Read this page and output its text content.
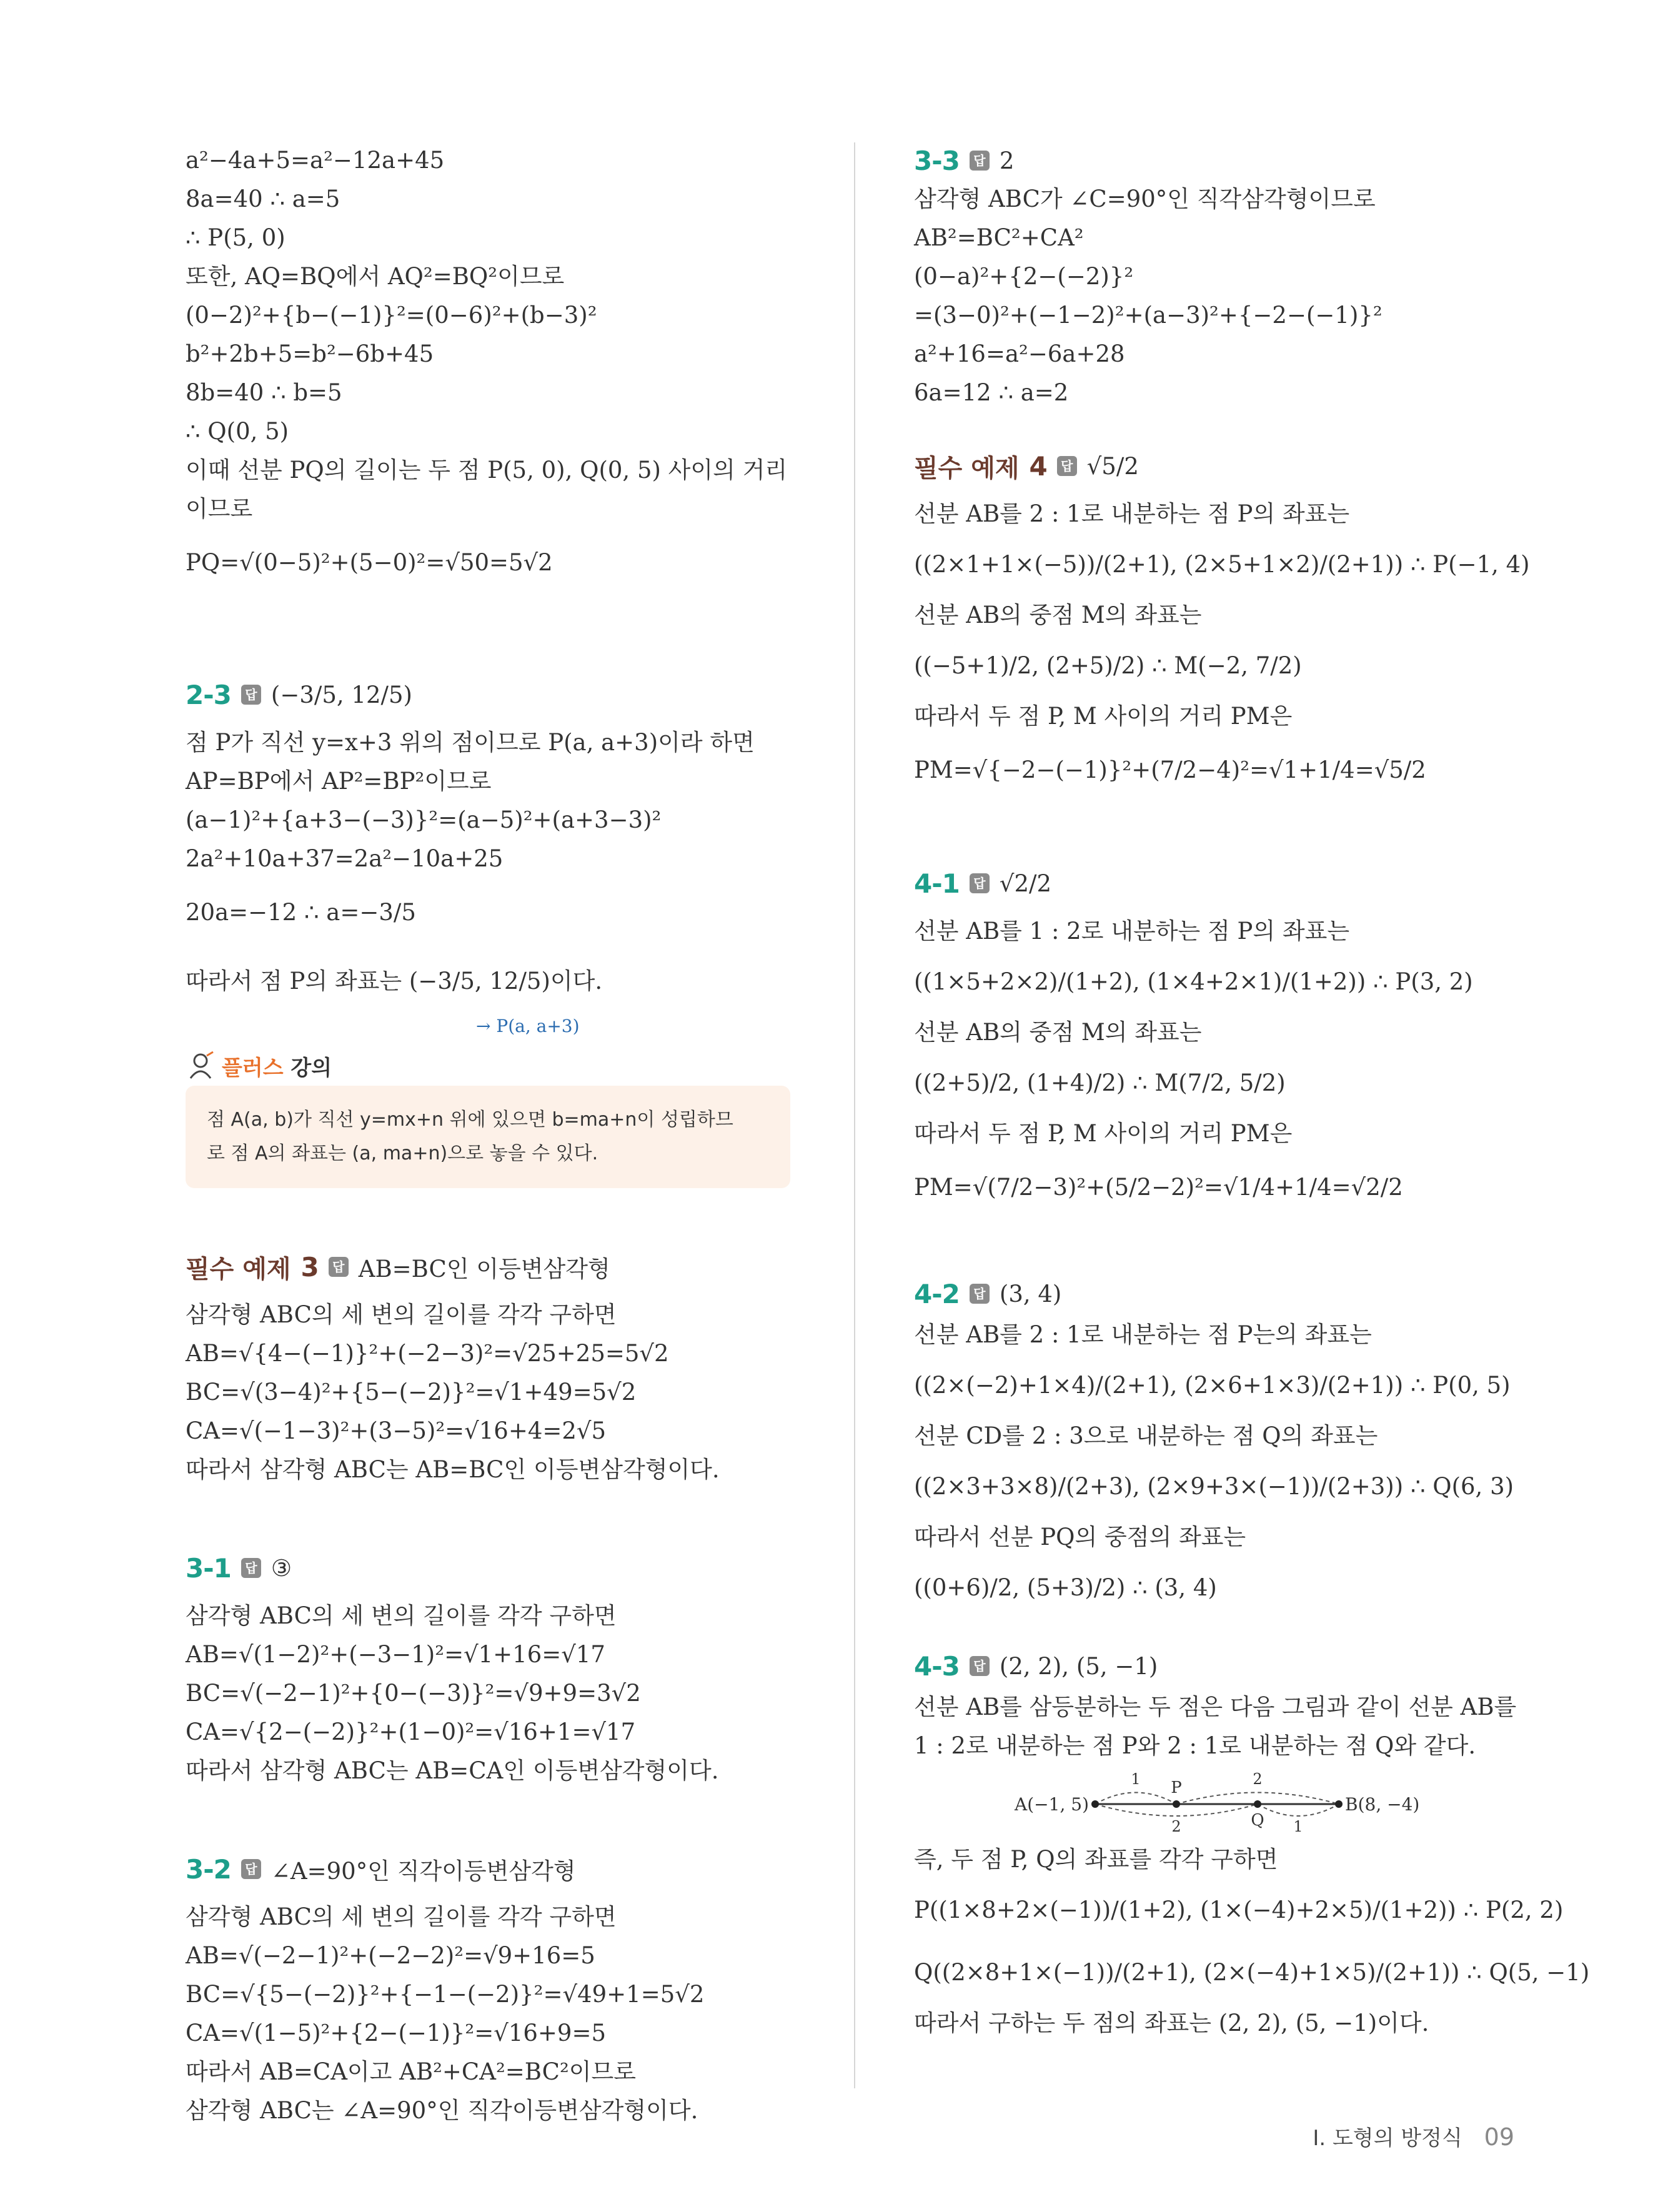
a²−4a+5=a²−12a+45
8a=40 ∴ a=5
∴ P(5, 0)
또한, AQ=BQ에서 AQ²=BQ²이므로
(0−2)²+{b−(−1)}²=(0−6)²+(b−3)²
b²+2b+5=b²−6b+45
8b=40 ∴ b=5
∴ Q(0, 5)
이때 선분 PQ의 길이는 두 점 P(5, 0), Q(0, 5) 사이의 거리
이므로
PQ=√(0−5)²+(5−0)²=√50=5√2
2-3	답 (−3/5, 12/5)
점 P가 직선 y=x+3 위의 점이므로 P(a, a+3)이라 하면
AP=BP에서 AP²=BP²이므로
(a−1)²+{a+3−(−3)}²=(a−5)²+(a+3−3)²
2a²+10a+37=2a²−10a+25
20a=−12 ∴ a=−3/5
따라서 점 P의 좌표는 (−3/5, 12/5)이다.
→ P(a, a+3)
플러스 강의
점 A(a, b)가 직선 y=mx+n 위에 있으면 b=ma+n이 성립하므
로 점 A의 좌표는 (a, ma+n)으로 놓을 수 있다.
필수 예제 3	답 AB=BC인 이등변삼각형
삼각형 ABC의 세 변의 길이를 각각 구하면
AB=√{4−(−1)}²+(−2−3)²=√25+25=5√2
BC=√(3−4)²+{5−(−2)}²=√1+49=5√2
CA=√(−1−3)²+(3−5)²=√16+4=2√5
따라서 삼각형 ABC는 AB=BC인 이등변삼각형이다.
3-1	답 ③
삼각형 ABC의 세 변의 길이를 각각 구하면
AB=√(1−2)²+(−3−1)²=√1+16=√17
BC=√(−2−1)²+{0−(−3)}²=√9+9=3√2
CA=√{2−(−2)}²+(1−0)²=√16+1=√17
따라서 삼각형 ABC는 AB=CA인 이등변삼각형이다.
3-2	답 ∠A=90°인 직각이등변삼각형
삼각형 ABC의 세 변의 길이를 각각 구하면
AB=√(−2−1)²+(−2−2)²=√9+16=5
BC=√{5−(−2)}²+{−1−(−2)}²=√49+1=5√2
CA=√(1−5)²+{2−(−1)}²=√16+9=5
따라서 AB=CA이고 AB²+CA²=BC²이므로
삼각형 ABC는 ∠A=90°인 직각이등변삼각형이다.
3-3	답 2
삼각형 ABC가 ∠C=90°인 직각삼각형이므로
AB²=BC²+CA²
(0−a)²+{2−(−2)}²
=(3−0)²+(−1−2)²+(a−3)²+{−2−(−1)}²
a²+16=a²−6a+28
6a=12 ∴ a=2
필수 예제 4	답 √5/2
선분 AB를 2 : 1로 내분하는 점 P의 좌표는
((2×1+1×(−5))/(2+1), (2×5+1×2)/(2+1)) ∴ P(−1, 4)
선분 AB의 중점 M의 좌표는
((−5+1)/2, (2+5)/2) ∴ M(−2, 7/2)
따라서 두 점 P, M 사이의 거리 PM은
PM=√{−2−(−1)}²+(7/2−4)²=√1+1/4=√5/2
4-1	답 √2/2
선분 AB를 1 : 2로 내분하는 점 P의 좌표는
((1×5+2×2)/(1+2), (1×4+2×1)/(1+2)) ∴ P(3, 2)
선분 AB의 중점 M의 좌표는
((2+5)/2, (1+4)/2) ∴ M(7/2, 5/2)
따라서 두 점 P, M 사이의 거리 PM은
PM=√(7/2−3)²+(5/2−2)²=√1/4+1/4=√2/2
4-2	답 (3, 4)
선분 AB를 2 : 1로 내분하는 점 P는의 좌표는
((2×(−2)+1×4)/(2+1), (2×6+1×3)/(2+1)) ∴ P(0, 5)
선분 CD를 2 : 3으로 내분하는 점 Q의 좌표는
((2×3+3×8)/(2+3), (2×9+3×(−1))/(2+3)) ∴ Q(6, 3)
따라서 선분 PQ의 중점의 좌표는
((0+6)/2, (5+3)/2) ∴ (3, 4)
4-3	답 (2, 2), (5, −1)
선분 AB를 삼등분하는 두 점은 다음 그림과 같이 선분 AB를
1 : 2로 내분하는 점 P와 2 : 1로 내분하는 점 Q와 같다.
A(−1, 5)	B(8, −4)
P
Q
1	2
2	1
즉, 두 점 P, Q의 좌표를 각각 구하면
P((1×8+2×(−1))/(1+2), (1×(−4)+2×5)/(1+2)) ∴ P(2, 2)
Q((2×8+1×(−1))/(2+1), (2×(−4)+1×5)/(2+1)) ∴ Q(5, −1)
따라서 구하는 두 점의 좌표는 (2, 2), (5, −1)이다.
Ⅰ. 도형의 방정식 09
